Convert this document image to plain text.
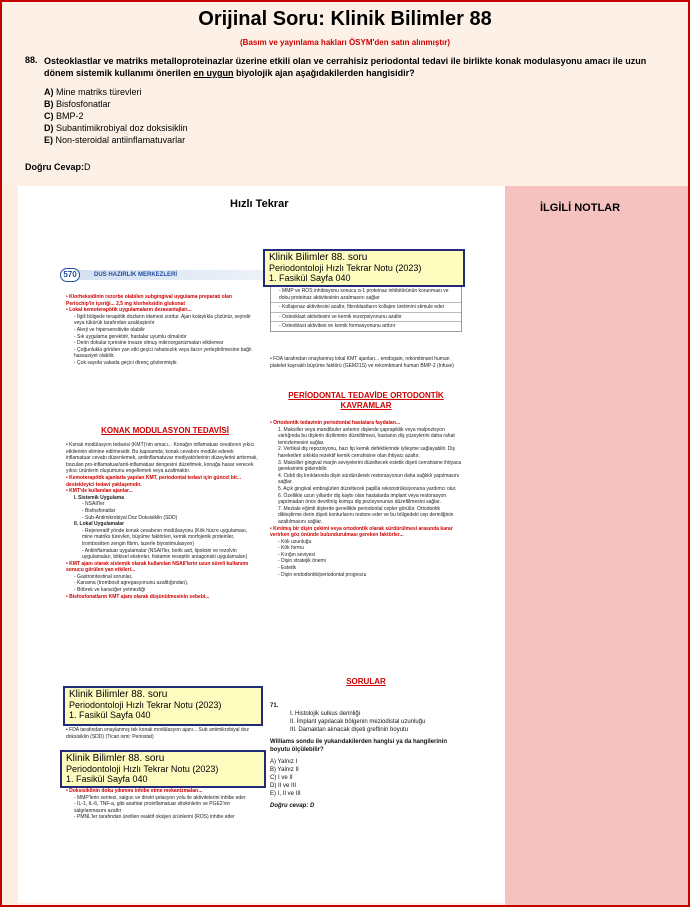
Orijinal Soru: Klinik Bilimler 88
(Basım ve yayınlama hakları ÖSYM'den satın alınmıştır)
88. Osteoklastlar ve matriks metalloproteinazlar üzerine etkili olan ve cerrahisiz periodontal tedavi ile birlikte konak modulasyonu amacı ile uzun dönem sistemik kullanımı önerilen en uygun biyolojik ajan aşağıdakilerden hangisidir?
A) Mine matriks türevleri
B) Bisfosfonatlar
C) BMP-2
D) Subantimikrobiyal doz doksisiklin
E) Non-steroidal antiinflamatuvarlar
Doğru Cevap:D
Hızlı Tekrar	İLGİLİ NOTLAR
570	DUS HAZIRLIK MERKEZLERİ

• Klorheksidinin rezorbe olabilen subgingival uygulama preparatı olan Periochip'in içeriği... 2,5 mg klorheksidin glukonat

• Lokal kemoterapötik uygulamaların dezavantajları...

- İlgili bölgede terapötik dozların idamesi zordur. Ajan kolaylıkla çözünür, seyrelir veya tükürük tarafından uzaklaştırılır

- Alerji ve hipersensitivite olabilir

- Sık uygulama gerektirir, hastalar uyumlu olmalıdır

- Derin dokular içerisine invaze olmuş mikroorganizmaları etkilemez

- Çoğunlukla görülen yan etki geçici rahatsızlık veya ilacın yerleştirilmesine bağlı hassasiyet olabilir.

- Çok sayıda vakada geçici direnç gözlenmiştir.

KONAK MODULASYON TEDAVİSİ

• Konak modülasyon tedavisi (KMT)'nin amacı... Konağın inflamatuar cevabının yıkıcı etkilerinin elimine edilmesidir. Bu kapsamda; konak cevabını modüle ederek inflamatuar cevabı düzenlemek, antiinflamatuvar mediyatörlerinin düzeylerini arttırmak, bozulan pro-inflamatuar/anti-inflamatuar dengesini düzeltmek, konağa hasar verecek yıkıcı ürünlerin oluşumunu engellemek veya azaltmaktır.

• Kemoterapötik ajanlarla yapılan KMT, periodontal tedavi için güncel bir... destekleyici tedavi yaklaşımıdır.

• KMT'de kullanılan ajanlar...

I. Sistemik Uygulama

- NSAII'ler

- Bisfosfonatlar

- Sub-Antimikrobiyal Doz Doksisiklin (SDD)

II. Lokal Uygulamalar

- Rejeneratif yönde konak cevabının modülasyonu (Kök hücre uygulaması, mine matriks türevleri, büyüme faktörleri, kemik morfojenik proteinler, trombositten zengin fibrin, lazerle biyostimulasyon)

- Antiinflamatuar uygulamalar (NSAII'ler, borik asit, lipoksin ve rezolvin uygulamaları, bitkisel ekstreler, histamin reseptör antagonisti uygulamaları)

• KMT ajanı olarak sistemik olarak kullanılan NSAII'lerin uzun süreli kullanımı sonucu görülen yan etkileri...

- Gastrointestinal sorunlar,

- Kanama (trombosit agregasyonunu azalttığından),

- Böbrek ve karaciğer yetmezliği

• Bisfosfonatların KMT ajanı olarak düşünülmesinin sebebi...

• FDA tarafından onaylanmış tek konak modülasyon ajanı... Sub antimikrobiyal doz doksisiklin (SDD) (Ticari ismi: Periostat)

• Doksisiklinin doku yıkımını inhibe etme mekanizmaları...

- MMP'lerin sentezi, salgısı ve direkt şelasyon yolu ile aktivitelerini inhibe eder

- IL-1, IL-6, TNF-a, gibi anahtar proinflamatuar sitokinlerin ve PGE2'nin salgılanmasını azaltır

- PMNL'ler tarafından üretilen reaktif oksijen ürünlerini (ROS) inhibe eder

- MMP ve ROS inhibisyonu sonucu α-1 proteinaz inhibitörünün korunması ve doku proteinaz aktivitesinin azalmasını sağlar
- Kollajenaz aktivitesini azaltır, fibroblastların kollajen üretimini stimule eder
- Osteoklast aktivitesini ve kemik rezorpsiyonunu azaltır
- Osteoblast aktivitesi ve kemik formasyonunu arttırır

• FDA tarafından onaylanmış lokal KMT ajanları... emdogain, rekombinant human platelet kaynaklı büyüme faktörü (GEM21S) ve rekombinant human BMP-2 (Infuse)

PERİODONTAL TEDAVİDE ORTODONTİK
KAVRAMLAR

• Ortodontik tedavinin periodontal hastalara faydaları...

1. Maksiller veya mandibuler anterior dişlerde çaprapiklik veya malpozisyon varlığında bu dişlerin diziliminin düzeltilmesi, hastanın diş yüzeylerini daha rahat temizlemesini sağlar.

2. Vertikal diş repozisyonu, bazı tip kemik defektlerinde iyileşme sağlayabilir. Diş hareketleri sıklıkla rezektif kemik cerrahisine olan ihtiyacı azaltır.

3. Maksiller gingival marjin seviyelerini düzeltecek estetik dişeti cerrahisine ihtiyaca gereksinimi giderebilir.

4. Ciddi diş kırıklarında dişin sürdürülerek restorasyonun daha sağlıklı yapılmasını sağlar.

5. Açık gingival embrajürleri düzeltecek papilla rekonstrüksiyonuna yardımcı olur.

6. Özellikle uzun yıllardır diş kaybı olan hastalarda implant veya restorasyon yapılmadan önce devrilmiş komşu diş pozisyonunun düzeltilmesini sağlar.

7. Meziale eğimli dişlerde genellikle periodontal cepler görülür. Ortodontik dikleştirme derin dişeti konturlarını restore eder ve bu bölgedeki cep derinliğinin azaltılmasını sağlar.

• Kırılmış bir dişin çekimi veya ortodontik olarak sürdürülmesi arasında karar verirken göz önünde bulundurulması gereken faktörler...

- Kök uzunluğu

- Kök formu

- Kırığın seviyesi

- Dişin stratejik önemi

- Estetik

- Dişin endodontik/periodontal prognozu

SORULAR
71.
I. Histolojik sulkus derinliği
II. İmplant yapılacak bölgenin meziodistal uzunluğu
III. Damaktan alınacak dişeti greftinin boyutu
Williams sondu ile yukarıdakilerden hangisi ya da hangilerinin boyutu ölçülebilir?
A) Yalnız I
B) Yalnız II
C) I ve II
D) II ve III
E) I, II ve III
Doğru cevap: D
Klinik Bilimler 88. soru
Periodontoloji Hızlı Tekrar Notu (2023)
1. Fasikül Sayfa 040
Klinik Bilimler 88. soru
Periodontoloji Hızlı Tekrar Notu (2023)
1. Fasikül Sayfa 040
Klinik Bilimler 88. soru
Periodontoloji Hızlı Tekrar Notu (2023)
1. Fasikül Sayfa 040
